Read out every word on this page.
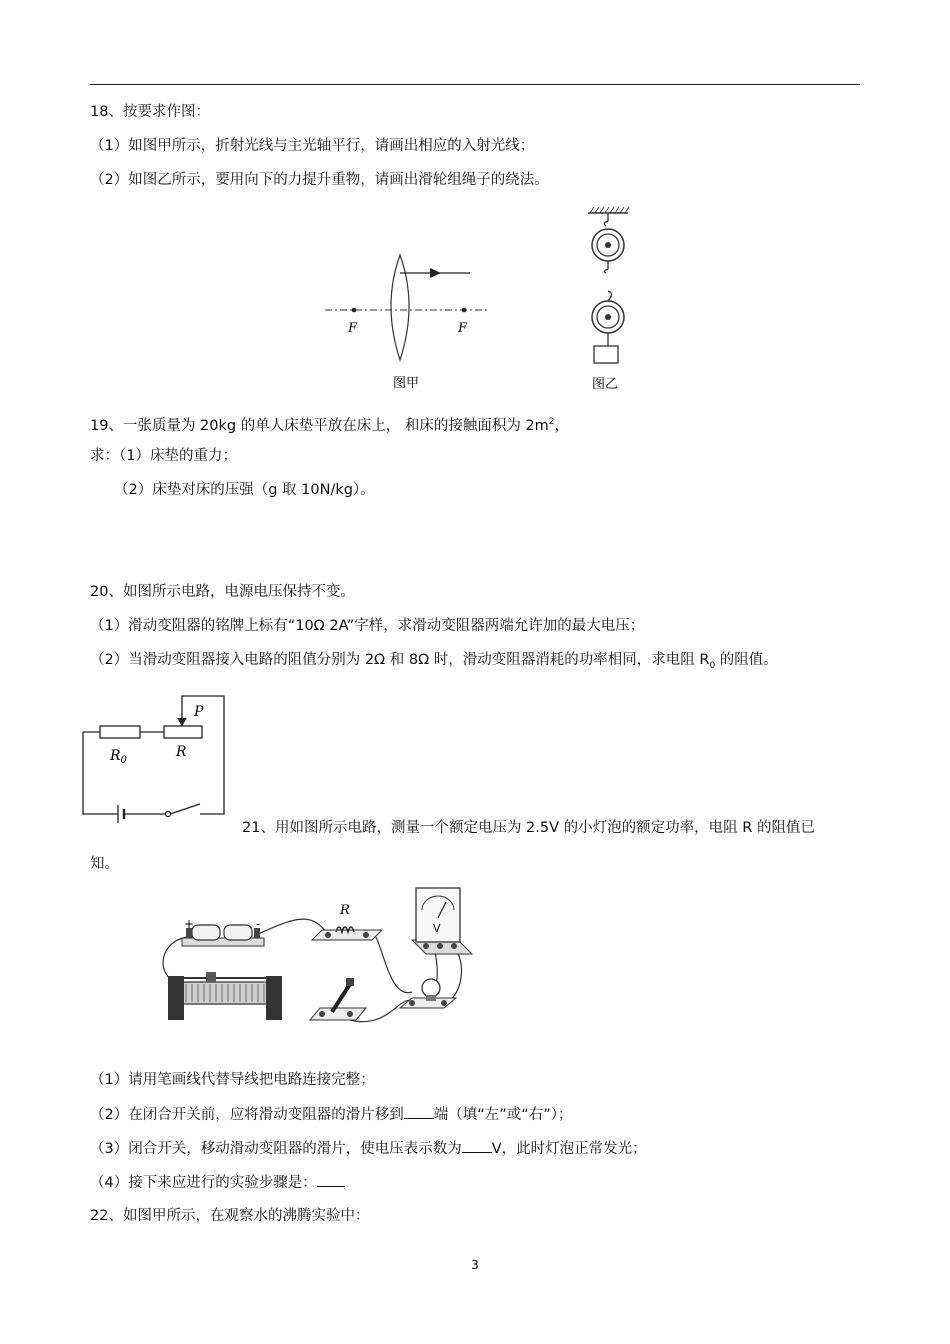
18、按要求作图：
（1）如图甲所示，折射光线与主光轴平行，请画出相应的入射光线；
（2）如图乙所示，要用向下的力提升重物，请画出滑轮组绳子的绕法。
F	F
图甲	图乙
19、一张质量为 20kg 的单人床垫平放在床上， 和床的接触面积为 $2m^2$，
求：（1）床垫的重力；
（2）床垫对床的压强（g 取 10N/kg）。
20、如图所示电路，电源电压保持不变。
（1）滑动变阻器的铭牌上标有“10Ω 2A”字样，求滑动变阻器两端允许加的最大电压；
（2）当滑动变阻器接入电路的阻值分别为 2Ω 和 8Ω 时，滑动变阻器消耗的功率相同，求电阻 $R_0$ 的阻值。
P
$R_0$
R
21、用如图所示电路，测量一个额定电压为 2.5V 的小灯泡的额定功率，电阻 R 的阻值已
知。
+	-
R
V
（1）请用笔画线代替导线把电路连接完整；
（2）在闭合开关前，应将滑动变阻器的滑片移到 端（填“左”或“右”）；
（3）闭合开关，移动滑动变阻器的滑片，使电压表示数为 V，此时灯泡正常发光；
（4）接下来应进行的实验步骤是：
22、如图甲所示，在观察水的沸腾实验中：
3
